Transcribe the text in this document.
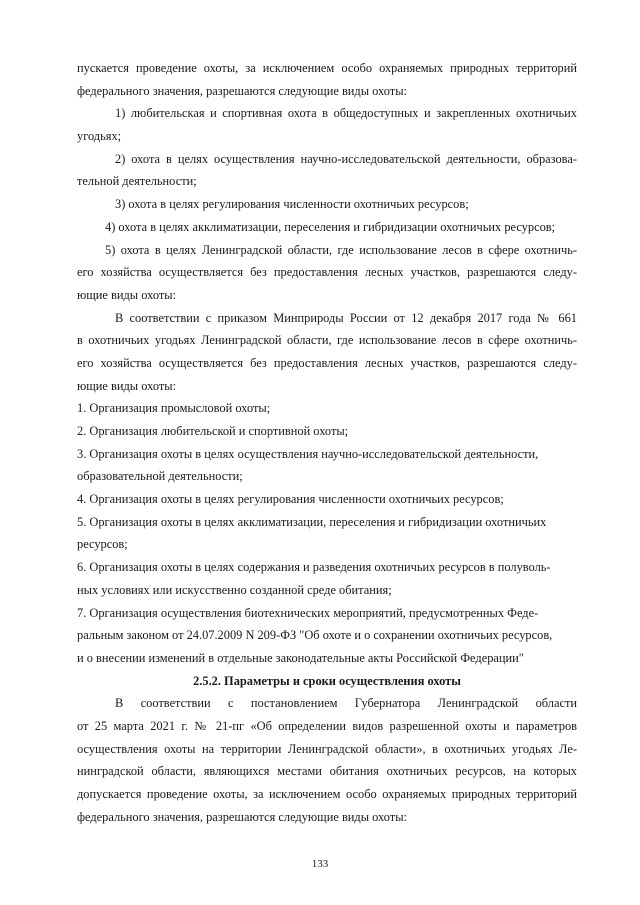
пускается проведение охоты, за исключением особо охраняемых природных территорий
федерального значения, разрешаются следующие виды охоты:
1) любительская и спортивная охота в общедоступных и закрепленных охотничьих
угодьях;
2) охота в целях осуществления научно-исследовательской деятельности, образова-
тельной деятельности;
3) охота в целях регулирования численности охотничьих ресурсов;
4) охота в целях акклиматизации, переселения и гибридизации охотничьих ресурсов;
5) охота в целях Ленинградской области, где использование лесов в сфере охотничь-
его хозяйства осуществляется без предоставления лесных участков, разрешаются следу-
ющие виды охоты:
В соответствии с приказом Минприроды России от 12 декабря 2017 года № 661
в охотничьих угодьях Ленинградской области, где использование лесов в сфере охотничь-
его хозяйства осуществляется без предоставления лесных участков, разрешаются следу-
ющие виды охоты:
1. Организация промысловой охоты;
2. Организация любительской и спортивной охоты;
3. Организация охоты в целях осуществления научно-исследовательской деятельности,
образовательной деятельности;
4. Организация охоты в целях регулирования численности охотничьих ресурсов;
5. Организация охоты в целях акклиматизации, переселения и гибридизации охотничьих
ресурсов;
6. Организация охоты в целях содержания и разведения охотничьих ресурсов в полуволь-
ных условиях или искусственно созданной среде обитания;
7. Организация осуществления биотехнических мероприятий, предусмотренных Феде-
ральным законом от 24.07.2009 N 209-ФЗ "Об охоте и о сохранении охотничьих ресурсов,
и о внесении изменений в отдельные законодательные акты Российской Федерации"
2.5.2. Параметры и сроки осуществления охоты
В соответствии с постановлением Губернатора Ленинградской области
от 25 марта 2021 г. № 21-пг «Об определении видов разрешенной охоты и параметров
осуществления охоты на территории Ленинградской области», в охотничьих угодьях Ле-
нинградской области, являющихся местами обитания охотничьих ресурсов, на которых
допускается проведение охоты, за исключением особо охраняемых природных территорий
федерального значения, разрешаются следующие виды охоты:
133
